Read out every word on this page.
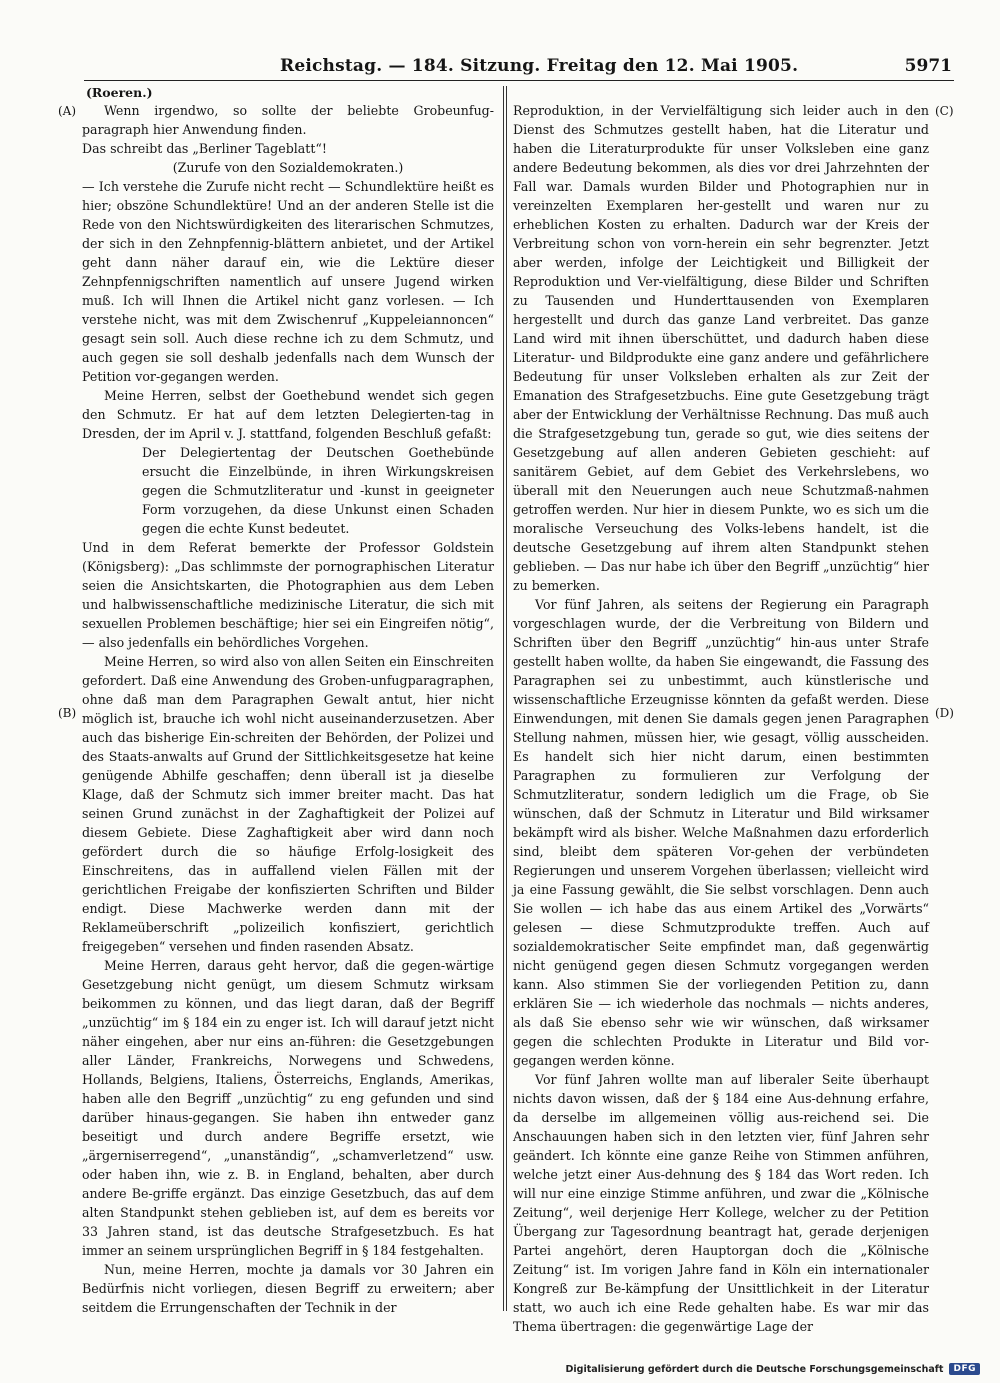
Reichstag. — 184. Sitzung. Freitag den 12. Mai 1905.	5971
(Roeren.)
(A)
(B)
(C)
(D)

Wenn irgendwo, so sollte der beliebte Grobeunfug-paragraph hier Anwendung finden.

Das schreibt das „Berliner Tageblatt“!

(Zurufe von den Sozialdemokraten.)

— Ich verstehe die Zurufe nicht recht — Schundlektüre heißt es hier; obszöne Schundlektüre! Und an der anderen Stelle ist die Rede von den Nichtswürdigkeiten des literarischen Schmutzes, der sich in den Zehnpfennig-blättern anbietet, und der Artikel geht dann näher darauf ein, wie die Lektüre dieser Zehnpfennigschriften namentlich auf unsere Jugend wirken muß. Ich will Ihnen die Artikel nicht ganz vorlesen. — Ich verstehe nicht, was mit dem Zwischenruf „Kuppeleiannoncen“ gesagt sein soll. Auch diese rechne ich zu dem Schmutz, und auch gegen sie soll deshalb jedenfalls nach dem Wunsch der Petition vor-gegangen werden.

Meine Herren, selbst der Goethebund wendet sich gegen den Schmutz. Er hat auf dem letzten Delegierten-tag in Dresden, der im April v. J. stattfand, folgenden Beschluß gefaßt:

Der Delegiertentag der Deutschen Goethebünde ersucht die Einzelbünde, in ihren Wirkungskreisen gegen die Schmutzliteratur und -kunst in geeigneter Form vorzugehen, da diese Unkunst einen Schaden gegen die echte Kunst bedeutet.

Und in dem Referat bemerkte der Professor Goldstein (Königsberg): „Das schlimmste der pornographischen Literatur seien die Ansichtskarten, die Photographien aus dem Leben und halbwissenschaftliche medizinische Literatur, die sich mit sexuellen Problemen beschäftige; hier sei ein Eingreifen nötig“, — also jedenfalls ein behördliches Vorgehen.

Meine Herren, so wird also von allen Seiten ein Einschreiten gefordert. Daß eine Anwendung des Groben-unfugparagraphen, ohne daß man dem Paragraphen Gewalt antut, hier nicht möglich ist, brauche ich wohl nicht auseinanderzusetzen. Aber auch das bisherige Ein-schreiten der Behörden, der Polizei und des Staats-anwalts auf Grund der Sittlichkeitsgesetze hat keine genügende Abhilfe geschaffen; denn überall ist ja dieselbe Klage, daß der Schmutz sich immer breiter macht. Das hat seinen Grund zunächst in der Zaghaftigkeit der Polizei auf diesem Gebiete. Diese Zaghaftigkeit aber wird dann noch gefördert durch die so häufige Erfolg-losigkeit des Einschreitens, das in auffallend vielen Fällen mit der gerichtlichen Freigabe der konfiszierten Schriften und Bilder endigt. Diese Machwerke werden dann mit der Reklameüberschrift „polizeilich konfisziert, gerichtlich freigegeben“ versehen und finden rasenden Absatz.

Meine Herren, daraus geht hervor, daß die gegen-wärtige Gesetzgebung nicht genügt, um diesem Schmutz wirksam beikommen zu können, und das liegt daran, daß der Begriff „unzüchtig“ im § 184 ein zu enger ist. Ich will darauf jetzt nicht näher eingehen, aber nur eins an-führen: die Gesetzgebungen aller Länder, Frankreichs, Norwegens und Schwedens, Hollands, Belgiens, Italiens, Österreichs, Englands, Amerikas, haben alle den Begriff „unzüchtig“ zu eng gefunden und sind darüber hinaus-gegangen. Sie haben ihn entweder ganz beseitigt und durch andere Begriffe ersetzt, wie „ärgerniserregend“, „unanständig“, „schamverletzend“ usw. oder haben ihn, wie z. B. in England, behalten, aber durch andere Be-griffe ergänzt. Das einzige Gesetzbuch, das auf dem alten Standpunkt stehen geblieben ist, auf dem es bereits vor 33 Jahren stand, ist das deutsche Strafgesetzbuch. Es hat immer an seinem ursprünglichen Begriff in § 184 festgehalten.

Nun, meine Herren, mochte ja damals vor 30 Jahren ein Bedürfnis nicht vorliegen, diesen Begriff zu erweitern; aber seitdem die Errungenschaften der Technik in der

Reproduktion, in der Vervielfältigung sich leider auch in den Dienst des Schmutzes gestellt haben, hat die Literatur und haben die Literaturprodukte für unser Volksleben eine ganz andere Bedeutung bekommen, als dies vor drei Jahrzehnten der Fall war. Damals wurden Bilder und Photographien nur in vereinzelten Exemplaren her-gestellt und waren nur zu erheblichen Kosten zu erhalten. Dadurch war der Kreis der Verbreitung schon von vorn-herein ein sehr begrenzter. Jetzt aber werden, infolge der Leichtigkeit und Billigkeit der Reproduktion und Ver-vielfältigung, diese Bilder und Schriften zu Tausenden und Hunderttausenden von Exemplaren hergestellt und durch das ganze Land verbreitet. Das ganze Land wird mit ihnen überschüttet, und dadurch haben diese Literatur- und Bildprodukte eine ganz andere und gefährlichere Bedeutung für unser Volksleben erhalten als zur Zeit der Emanation des Strafgesetzbuchs. Eine gute Gesetzgebung trägt aber der Entwicklung der Verhältnisse Rechnung. Das muß auch die Strafgesetzgebung tun, gerade so gut, wie dies seitens der Gesetzgebung auf allen anderen Gebieten geschieht: auf sanitärem Gebiet, auf dem Gebiet des Verkehrslebens, wo überall mit den Neuerungen auch neue Schutzmaß-nahmen getroffen werden. Nur hier in diesem Punkte, wo es sich um die moralische Verseuchung des Volks-lebens handelt, ist die deutsche Gesetzgebung auf ihrem alten Standpunkt stehen geblieben. — Das nur habe ich über den Begriff „unzüchtig“ hier zu bemerken.

Vor fünf Jahren, als seitens der Regierung ein Paragraph vorgeschlagen wurde, der die Verbreitung von Bildern und Schriften über den Begriff „unzüchtig“ hin-aus unter Strafe gestellt haben wollte, da haben Sie eingewandt, die Fassung des Paragraphen sei zu unbestimmt, auch künstlerische und wissenschaftliche Erzeugnisse könnten da gefaßt werden. Diese Einwendungen, mit denen Sie damals gegen jenen Paragraphen Stellung nahmen, müssen hier, wie gesagt, völlig ausscheiden. Es handelt sich hier nicht darum, einen bestimmten Paragraphen zu formulieren zur Verfolgung der Schmutzliteratur, sondern lediglich um die Frage, ob Sie wünschen, daß der Schmutz in Literatur und Bild wirksamer bekämpft wird als bisher. Welche Maßnahmen dazu erforderlich sind, bleibt dem späteren Vor-gehen der verbündeten Regierungen und unserem Vorgehen überlassen; vielleicht wird ja eine Fassung gewählt, die Sie selbst vorschlagen. Denn auch Sie wollen — ich habe das aus einem Artikel des „Vorwärts“ gelesen — diese Schmutzprodukte treffen. Auch auf sozialdemokratischer Seite empfindet man, daß gegenwärtig nicht genügend gegen diesen Schmutz vorgegangen werden kann. Also stimmen Sie der vorliegenden Petition zu, dann erklären Sie — ich wiederhole das nochmals — nichts anderes, als daß Sie ebenso sehr wie wir wünschen, daß wirksamer gegen die schlechten Produkte in Literatur und Bild vor-gegangen werden könne.

Vor fünf Jahren wollte man auf liberaler Seite überhaupt nichts davon wissen, daß der § 184 eine Aus-dehnung erfahre, da derselbe im allgemeinen völlig aus-reichend sei. Die Anschauungen haben sich in den letzten vier, fünf Jahren sehr geändert. Ich könnte eine ganze Reihe von Stimmen anführen, welche jetzt einer Aus-dehnung des § 184 das Wort reden. Ich will nur eine einzige Stimme anführen, und zwar die „Kölnische Zeitung“, weil derjenige Herr Kollege, welcher zu der Petition Übergang zur Tagesordnung beantragt hat, gerade derjenigen Partei angehört, deren Hauptorgan doch die „Kölnische Zeitung“ ist. Im vorigen Jahre fand in Köln ein internationaler Kongreß zur Be-kämpfung der Unsittlichkeit in der Literatur statt, wo auch ich eine Rede gehalten habe. Es war mir das Thema übertragen: die gegenwärtige Lage der

Digitalisierung gefördert durch die Deutsche Forschungsgemeinschaft	DFG
